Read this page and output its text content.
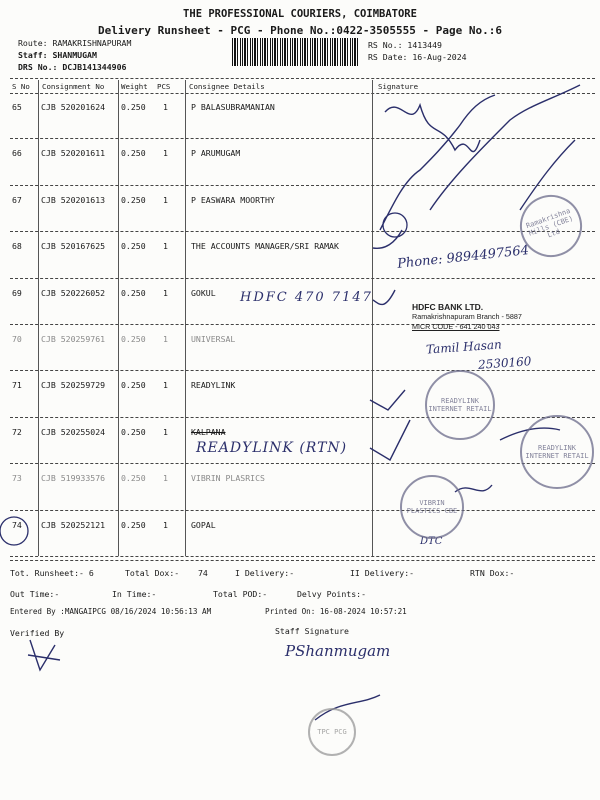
THE PROFESSIONAL COURIERS, COIMBATORE
Delivery Runsheet - PCG - Phone No.:0422-3505555 - Page No.:6
Route: RAMAKRISHNAPURAM
Staff: SHANMUGAM
DRS No.: DCJB141344906
RS No.: 1413449
RS Date: 16-Aug-2024
S No Consignment No Weight PCS	Consignee Details	Signature
65 CJB 520201624 0.250 1	P BALASUBRAMANIAN
66 CJB 520201611 0.250 1	P ARUMUGAM
67 CJB 520201613 0.250 1	P EASWARA MOORTHY
68 CJB 520167625 0.250 1	THE ACCOUNTS MANAGER/SRI RAMAK
69 CJB 520226052 0.250 1	GOKUL
70 CJB 520259761 0.250 1	UNIVERSAL
71 CJB 520259729 0.250 1	READYLINK
72 CJB 520255024 0.250 1	KALPANA
73 CJB 519933576 0.250 1	VIBRIN PLASRICS
74 CJB 520252121 0.250 1	GOPAL
HDFC 470 7147
READYLINK (RTN)
Phone: 9894497564
Tamil Hasan
2530160
DTC
Ramakrishna Mills (CBE) Ltd
HDFC BANK LTD.
Ramakrishnapuram Branch - 5887
MICR CODE - 641 240 043
READYLINK INTERNET RETAIL
READYLINK INTERNET RETAIL
VIBRIN PLASTICS CBE
TPC PCG
Tot. Runsheet:- 6	Total Dox:- 74	I Delivery:-	II Delivery:-	RTN Dox:-
Out Time:-	In Time:-	Total POD:-	Delvy Points:-
Entered By :MANGAIPCG 08/16/2024 10:56:13 AM	Printed On: 16-08-2024 10:57:21
Verified By	Staff Signature
PShanmugam
